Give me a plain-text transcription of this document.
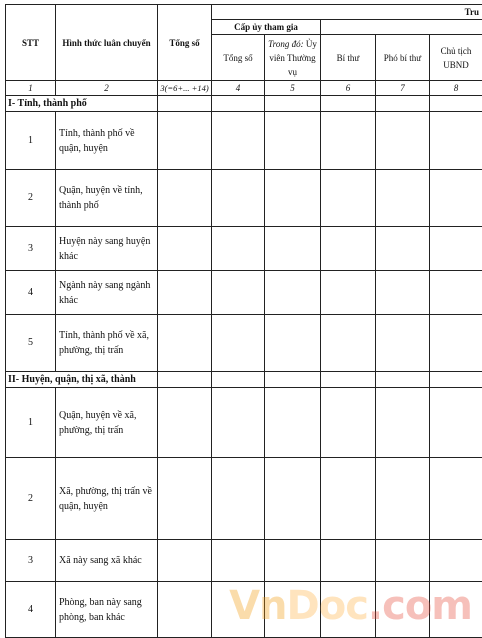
STT	Hình thức luân chuyển	Tổng số	Tru				
			Cấp ủy tham gia				
			Tổng số	Trong đó: Ủy viên Thường vụ	Bí thư	Phó bí thư	Chủ tịch UBND
1	2	3(=6+... +14)	4	5	6	7	8
I- Tỉnh, thành phố							
1	Tỉnh, thành phố về quận, huyện						
2	Quận, huyện về tỉnh, thành phố						
3	Huyện này sang huyện khác						
4	Ngành này sang ngành khác						
5	Tỉnh, thành phố về xã, phường, thị trấn						
II- Huyện, quận, thị xã, thành							
1	Quận, huyện về xã, phường, thị trấn						
2	Xã, phường, thị trấn về quận, huyện						
3	Xã này sang xã khác						
4	Phòng, ban này sang phòng, ban khác							VnDoc.com
